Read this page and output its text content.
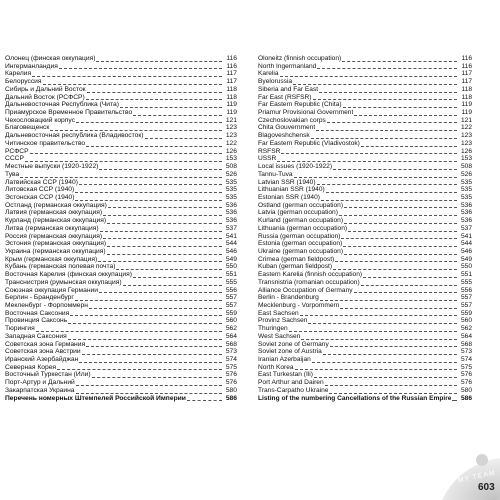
Олонец (финская оккупация)	116
Ингерманландия	116
Карелия	117
Белоруссия	117
Сибирь и Дальний Восток	118
Дальний Восток (РСФСР)	118
Дальневосточная Республика (Чита)	119
Приамурское Временное Правительство	119
Чехословацкий корпус	121
Благовещенск	123
Дальневосточная республика (Владивосток)	123
Читинское правительство	122
РСФСР	126
СССР	153
Местные выпуски (1920-1922)	508
Тува	526
Латвийская ССР (1940)	535
Литовская ССР (1940)	535
Эстонская ССР (1940)	535
Остланд (германская оккупация)	536
Латвия (германская оккупация)	536
Курланд (германская оккупация)	536
Литва (германская оккупация)	537
Россия (германская оккупация)	541
Эстония (германская оккупация)	544
Украина (германская оккупация)	546
Крым (германская оккупация)	549
Кубань (германская полевая почта)	550
Восточная Карелия (финская оккупация)	551
Транснистрия (румынская оккупация)	555
Союзная оккупация Германии	556
Берлин - Бранденбург	557
Мекленбург - Форпоммерн	557
Восточная Саксония	559
Провинция Саксонь	560
Тюрингия	562
Западная Саксония	564
Советская зона Германия	568
Советская зона Австрии	573
Иранский Азербайджан	574
Северная Корея	575
Восточный Туркестан (Или)	576
Порт-Артур и Дальний	576
Закарпатская Украина	580
Перечень номерных Штемпелей Российской Империи	586
Oloneitz (finnish occupation)	116
North Ingermanland	116
Karelia	117
Byelorussia	117
Siberia and Far East	118
Far East (RSFSR)	118
Far Eastern Republic (Chita)	119
Priamur Provisional Government	119
Czechoslovakian corps	121
Chita Gouvernment	122
Blagoveshchensk	123
Far Eastern Republic (Vladivostok)	123
RSFSR	126
USSR	153
Local issues (1920-1922)	508
Tannu-Tuva	526
Latvian SSR (1940)	535
Lithuanian SSR (1940)	535
Estonian SSR (1940)	535
Ostland (german occupation)	536
Latvia (german occupation)	536
Kurland (german occupation)	536
Lithuania (german occupation)	537
Russia (german occupation)	541
Estonia (german occupation)	544
Ukraine (german occupation)	546
Crimea (german fieldpost)	549
Kuban (german fieldpost)	550
Eastern Karelia (finnish occupation)	551
Transnistria (romanian occupation)	555
Alliance Occupation of Germany	556
Berlin - Brandenburg	557
Mecklenburg - Vorpommern	557
East Sachsen	559
Provinz Sachsen	560
Thuringen	562
West Sachsen	564
Soviet zone of Germany	568
Soviet zone of Austria	573
Iranian Azerbaijan	574
North Korea	575
East Turkestan (Ili)	576
Port Arthur and Dairen	576
Trans-Carpatho Ukraine	580
Listing of the numbering Cancellations of the Russian Empire	586
MY TEAM
603
